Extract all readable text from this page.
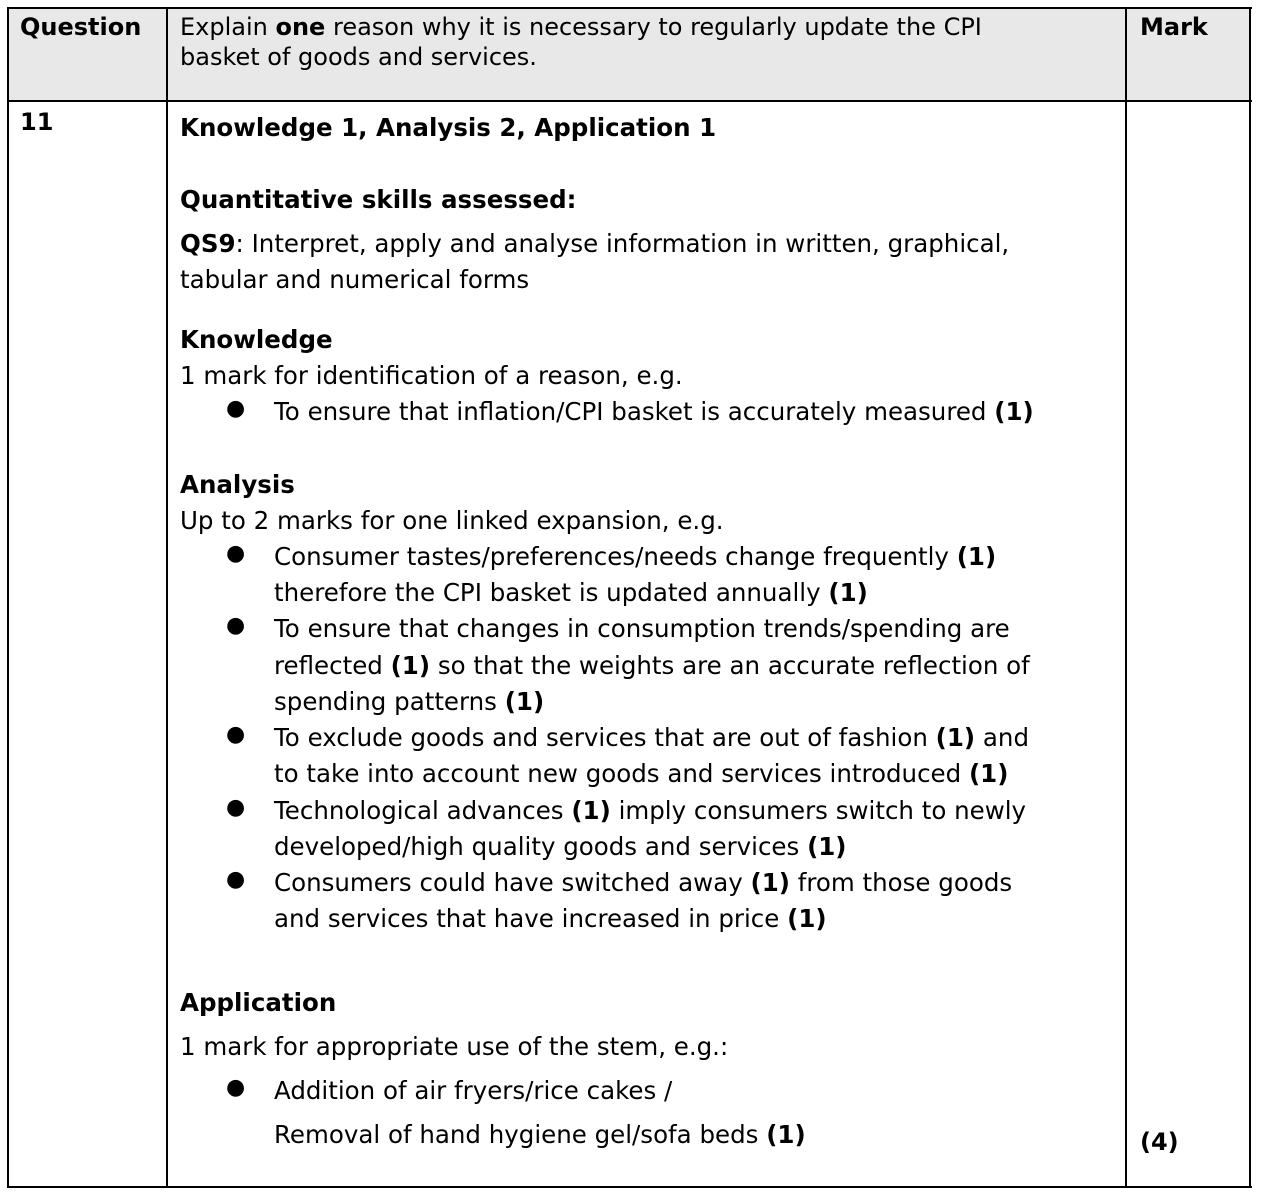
Question Explain one reason why it is necessary to regularly update the CPI
basket of goods and services.
Mark
11	Knowledge 1, Analysis 2, Application 1
Quantitative skills assessed:
QS9: Interpret, apply and analyse information in written, graphical,
tabular and numerical forms
Knowledge
1 mark for identification of a reason, e.g.
● To ensure that inflation/CPI basket is accurately measured (1)
Analysis
Up to 2 marks for one linked expansion, e.g.
● Consumer tastes/preferences/needs change frequently (1)
therefore the CPI basket is updated annually (1)
● To ensure that changes in consumption trends/spending are
reflected (1) so that the weights are an accurate reflection of
spending patterns (1)
● To exclude goods and services that are out of fashion (1) and
to take into account new goods and services introduced (1)
● Technological advances (1) imply consumers switch to newly
developed/high quality goods and services (1)
● Consumers could have switched away (1) from those goods
and services that have increased in price (1)
Application
1 mark for appropriate use of the stem, e.g.:
● Addition of air fryers/rice cakes /
Removal of hand hygiene gel/sofa beds (1)	(4)
